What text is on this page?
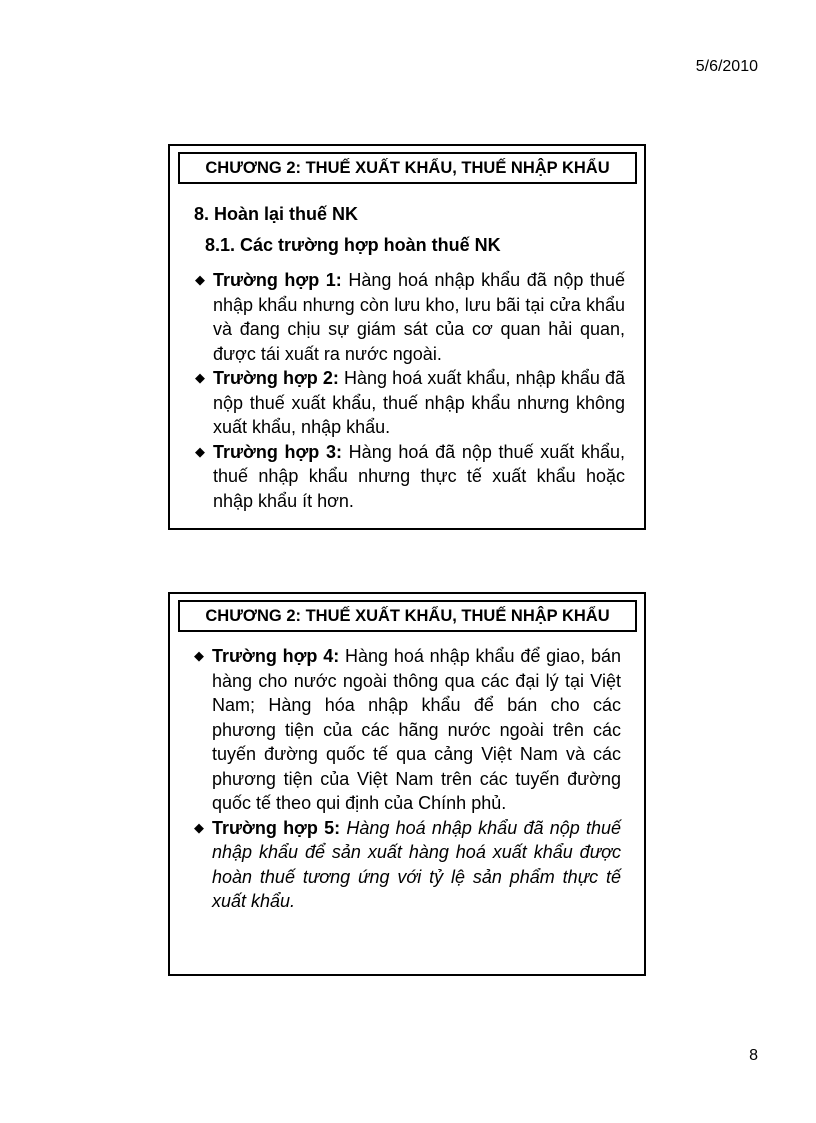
5/6/2010
CHƯƠNG 2: THUẾ XUẤT KHẨU, THUẾ NHẬP KHẨU
8. Hoàn lại thuế NK
8.1. Các trường hợp hoàn thuế NK
◆ Trường hợp 1: Hàng hoá nhập khẩu đã nộp thuế nhập khẩu nhưng còn lưu kho, lưu bãi tại cửa khẩu và đang chịu sự giám sát của cơ quan hải quan, được tái xuất ra nước ngoài.
◆ Trường hợp 2: Hàng hoá xuất khẩu, nhập khẩu đã nộp thuế xuất khẩu, thuế nhập khẩu nhưng không xuất khẩu, nhập khẩu.
◆ Trường hợp 3: Hàng hoá đã nộp thuế xuất khẩu, thuế nhập khẩu nhưng thực tế xuất khẩu hoặc nhập khẩu ít hơn.
CHƯƠNG 2: THUẾ XUẤT KHẨU, THUẾ NHẬP KHẨU
◆ Trường hợp 4: Hàng hoá nhập khẩu để giao, bán hàng cho nước ngoài thông qua các đại lý tại Việt Nam; Hàng hóa nhập khẩu để bán cho các phương tiện của các hãng nước ngoài trên các tuyến đường quốc tế qua cảng Việt Nam và các phương tiện của Việt Nam trên các tuyến đường quốc tế theo qui định của Chính phủ.
◆ Trường hợp 5: Hàng hoá nhập khẩu đã nộp thuế nhập khẩu để sản xuất hàng hoá xuất khẩu được hoàn thuế tương ứng với tỷ lệ sản phẩm thực tế xuất khẩu.
8
